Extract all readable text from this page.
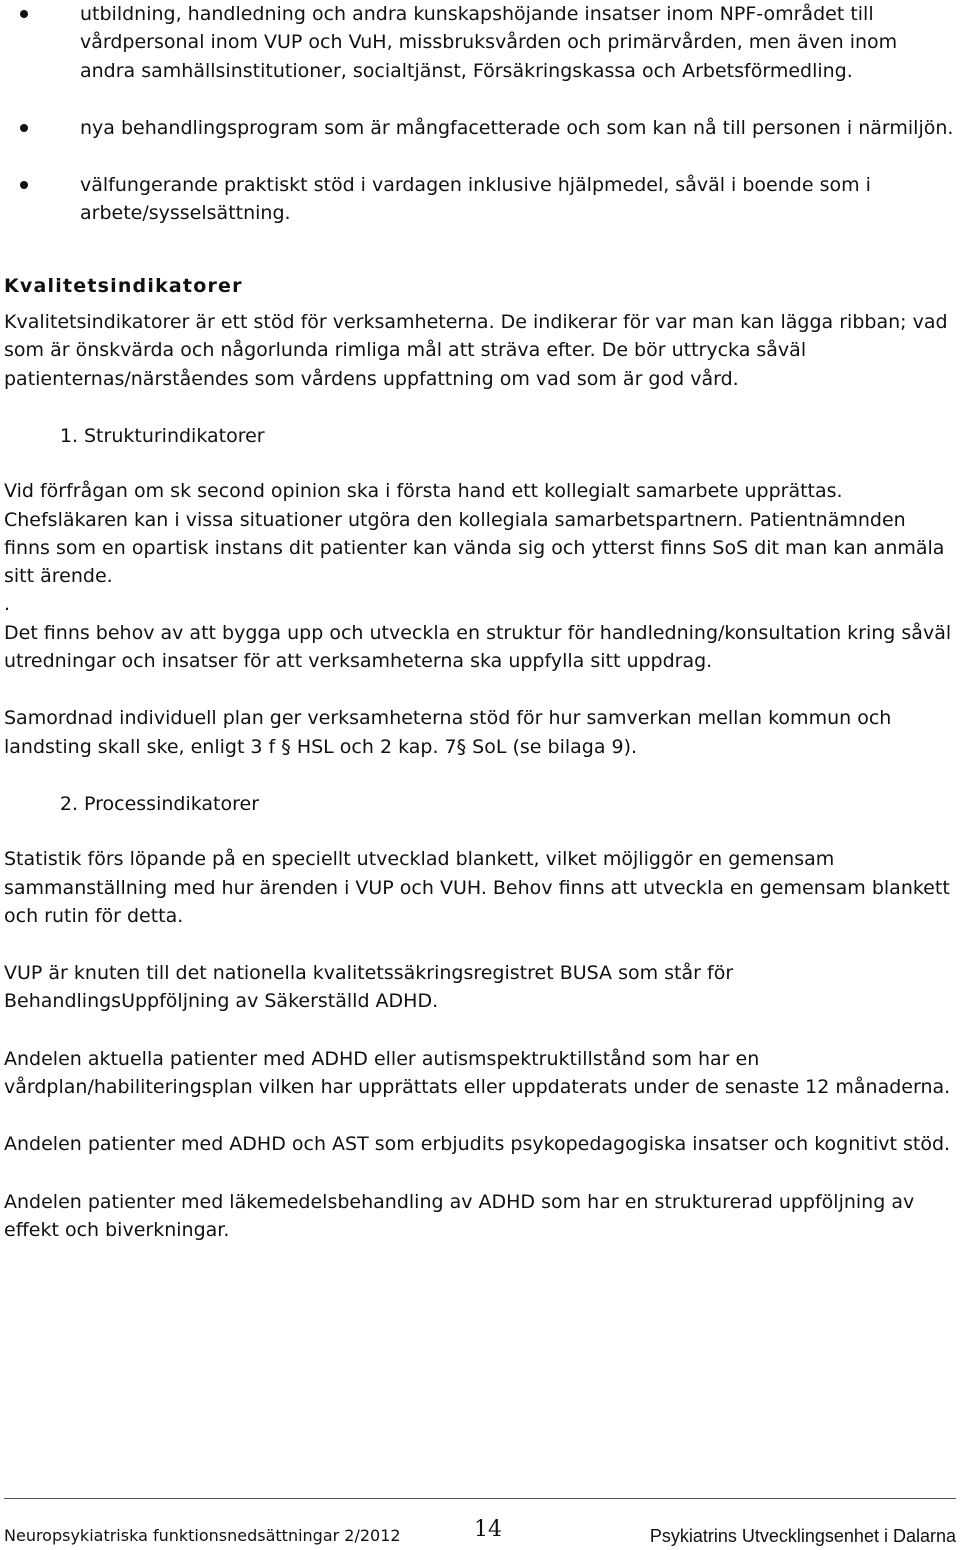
utbildning, handledning och andra kunskapshöjande insatser inom NPF-området till vårdpersonal inom VUP och VuH, missbruksvården och primärvården, men även inom andra samhällsinstitutioner, socialtjänst, Försäkringskassa och Arbetsförmedling.
nya behandlingsprogram som är mångfacetterade och som kan nå till personen i närmiljön.
välfungerande praktiskt stöd i vardagen inklusive hjälpmedel, såväl i boende som i arbete/sysselsättning.
Kvalitetsindikatorer

Kvalitetsindikatorer är ett stöd för verksamheterna. De indikerar för var man kan lägga ribban; vad som är önskvärda och någorlunda rimliga mål att sträva efter. De bör uttrycka såväl patienternas/närståendes som vårdens uppfattning om vad som är god vård.

1. Strukturindikatorer

Vid förfrågan om sk second opinion ska i första hand ett kollegialt samarbete upprättas. Chefsläkaren kan i vissa situationer utgöra den kollegiala samarbetspartnern. Patientnämnden finns som en opartisk instans dit patienter kan vända sig och ytterst finns SoS dit man kan anmäla sitt ärende.

.

Det finns behov av att bygga upp och utveckla en struktur för handledning/konsultation kring såväl utredningar och insatser för att verksamheterna ska uppfylla sitt uppdrag.

Samordnad individuell plan ger verksamheterna stöd för hur samverkan mellan kommun och landsting skall ske, enligt 3 f § HSL och 2 kap. 7§ SoL (se bilaga 9).

2. Processindikatorer

Statistik förs löpande på en speciellt utvecklad blankett, vilket möjliggör en gemensam sammanställning med hur ärenden i VUP och VUH. Behov finns att utveckla en gemensam blankett och rutin för detta.

VUP är knuten till det nationella kvalitetssäkringsregistret BUSA som står för BehandlingsUppföljning av Säkerställd ADHD.

Andelen aktuella patienter med ADHD eller autismspektruktillstånd som har en vårdplan/habiliteringsplan vilken har upprättats eller uppdaterats under de senaste 12 månaderna.

Andelen patienter med ADHD och AST som erbjudits psykopedagogiska insatser och kognitivt stöd.

Andelen patienter med läkemedelsbehandling av ADHD som har en strukturerad uppföljning av effekt och biverkningar.

Neuropsykiatriska funktionsnedsättningar 2/2012	14	Psykiatrins Utvecklingsenhet i Dalarna
